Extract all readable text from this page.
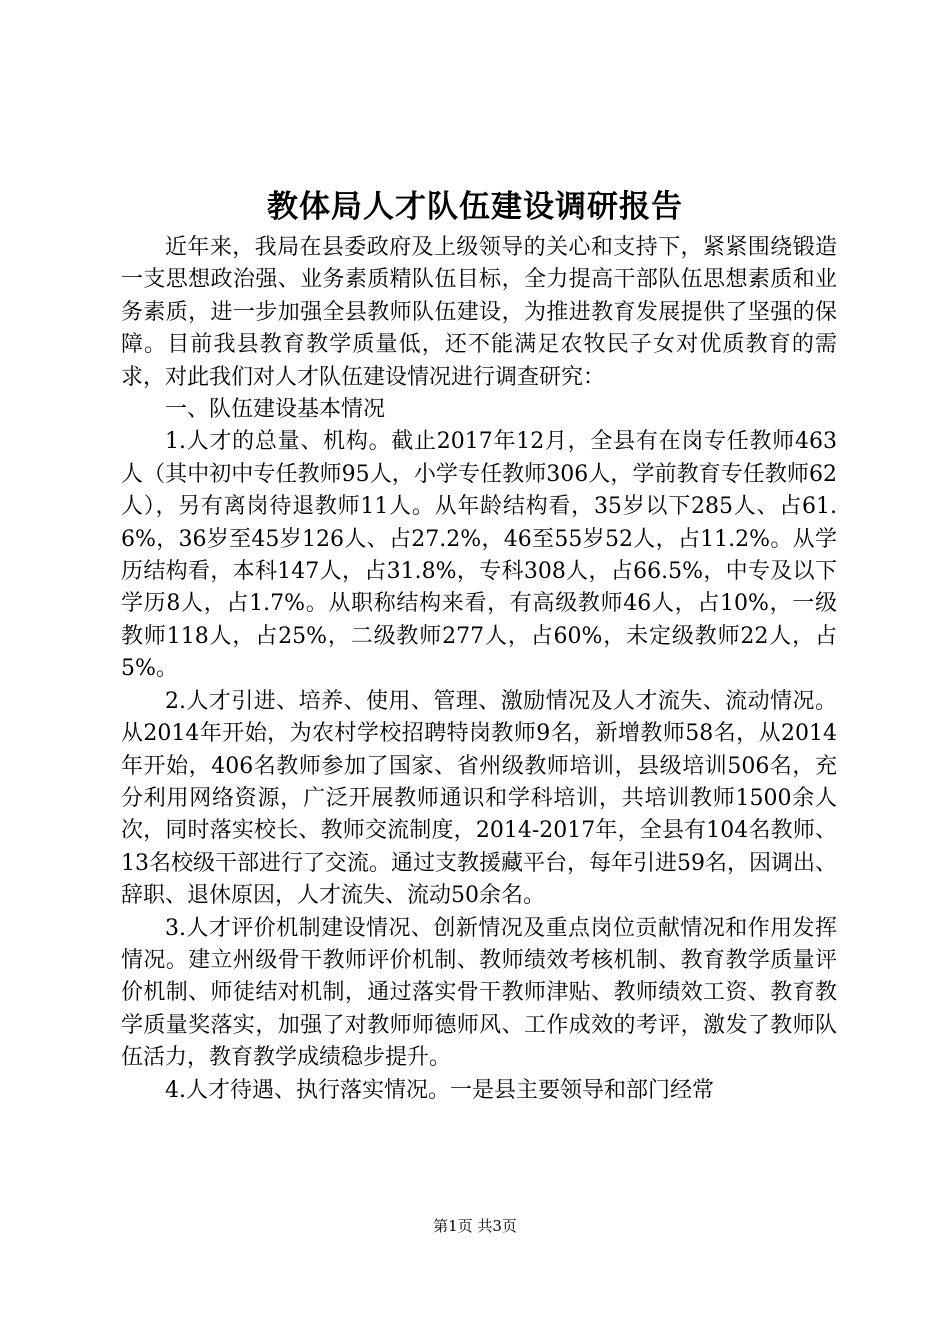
教体局人才队伍建设调研报告

近年来，我局在县委政府及上级领导的关心和支持下，紧紧围绕锻造一支思想政治强、业务素质精队伍目标，全力提高干部队伍思想素质和业务素质，进一步加强全县教师队伍建设，为推进教育发展提供了坚强的保障。目前我县教育教学质量低，还不能满足农牧民子女对优质教育的需求，对此我们对人才队伍建设情况进行调查研究：

一、队伍建设基本情况

1.人才的总量、机构。截止2017年12月，全县有在岗专任教师463人（其中初中专任教师95人，小学专任教师306人，学前教育专任教师62人），另有离岗待退教师11人。从年龄结构看，35岁以下285人、占61.6%，36岁至45岁126人、占27.2%，46至55岁52人，占11.2%。从学历结构看，本科147人，占31.8%，专科308人，占66.5%，中专及以下学历8人，占1.7%。从职称结构来看，有高级教师46人，占10%，一级教师118人，占25%，二级教师277人，占60%，未定级教师22人，占5%。

2.人才引进、培养、使用、管理、激励情况及人才流失、流动情况。从2014年开始，为农村学校招聘特岗教师9名，新增教师58名，从2014年开始，406名教师参加了国家、省州级教师培训，县级培训506名，充分利用网络资源，广泛开展教师通识和学科培训，共培训教师1500余人次，同时落实校长、教师交流制度，2014-2017年，全县有104名教师、13名校级干部进行了交流。通过支教援藏平台，每年引进59名，因调出、辞职、退休原因，人才流失、流动50余名。

3.人才评价机制建设情况、创新情况及重点岗位贡献情况和作用发挥情况。建立州级骨干教师评价机制、教师绩效考核机制、教育教学质量评价机制、师徒结对机制，通过落实骨干教师津贴、教师绩效工资、教育教学质量奖落实，加强了对教师师德师风、工作成效的考评，激发了教师队伍活力，教育教学成绩稳步提升。

4.人才待遇、执行落实情况。一是县主要领导和部门经常

第1页 共3页
